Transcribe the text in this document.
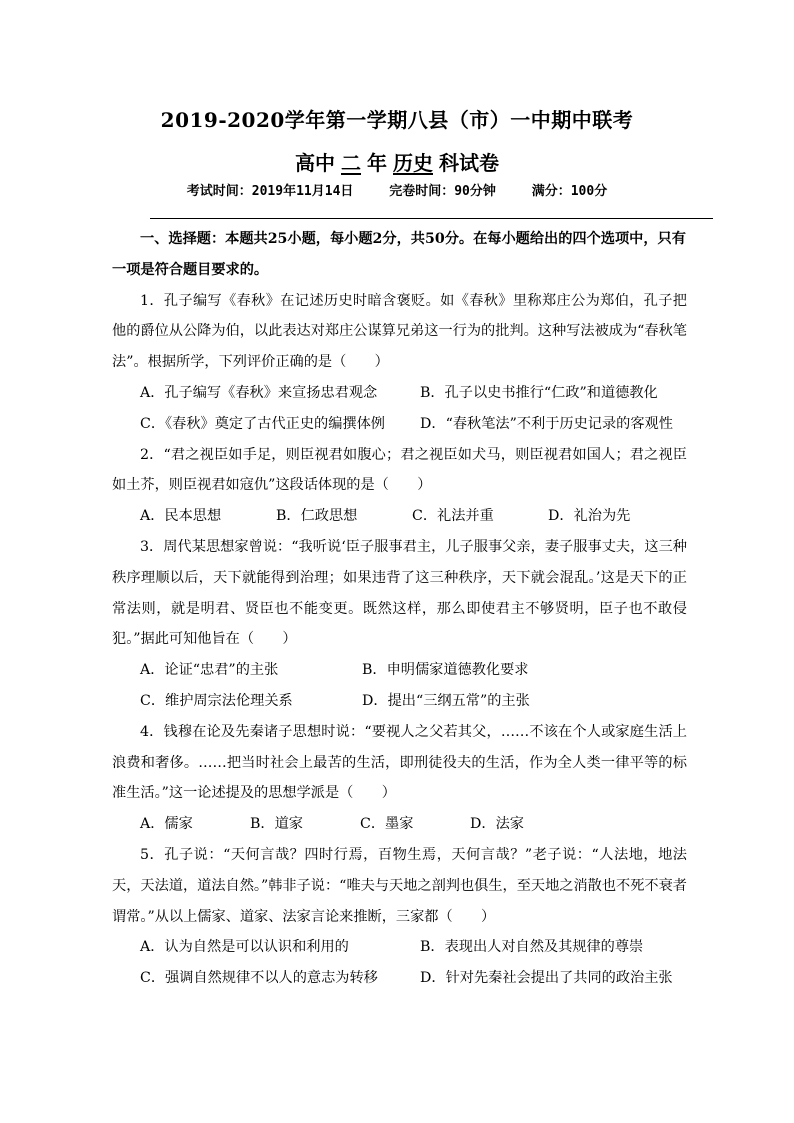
2019-2020学年第一学期八县（市）一中期中联考
高中 二 年 历史 科试卷
考试时间：2019年11月14日	完卷时间：90分钟	满分：100分
一、选择题：本题共25小题，每小题2分，共50分。在每小题给出的四个选项中，只有一项是符合题目要求的。
1．孔子编写《春秋》在记述历史时暗含褒贬。如《春秋》里称郑庄公为郑伯，孔子把他的爵位从公降为伯，以此表达对郑庄公谋算兄弟这一行为的批判。这种写法被成为“春秋笔法”。根据所学，下列评价正确的是（　　）
A．孔子编写《春秋》来宣扬忠君观念	B．孔子以史书推行“仁政”和道德教化
C．《春秋》奠定了古代正史的编撰体例	D．“春秋笔法”不利于历史记录的客观性
2．“君之视臣如手足，则臣视君如腹心；君之视臣如犬马，则臣视君如国人；君之视臣如土芥，则臣视君如寇仇”这段话体现的是（　　）
A．民本思想	B．仁政思想	C．礼法并重	D．礼治为先
3．周代某思想家曾说：“我听说‘臣子服事君主，儿子服事父亲，妻子服事丈夫，这三种秩序理顺以后，天下就能得到治理；如果违背了这三种秩序，天下就会混乱。’这是天下的正常法则，就是明君、贤臣也不能变更。既然这样，那么即使君主不够贤明，臣子也不敢侵犯。”据此可知他旨在（　　）
A．论证“忠君”的主张	B．申明儒家道德教化要求
C．维护周宗法伦理关系	D．提出“三纲五常”的主张
4．钱穆在论及先秦诸子思想时说：“要视人之父若其父，……不该在个人或家庭生活上浪费和奢侈。……把当时社会上最苦的生活，即刑徒役夫的生活，作为全人类一律平等的标准生活。”这一论述提及的思想学派是（　　）
A．儒家	B．道家	C．墨家	D．法家
5．孔子说：“天何言哉？四时行焉，百物生焉，天何言哉？”老子说：“人法地，地法天，天法道，道法自然。”韩非子说：“唯夫与天地之剖判也俱生，至天地之消散也不死不衰者谓常。”从以上儒家、道家、法家言论来推断，三家都（　　）
A．认为自然是可以认识和利用的	B．表现出人对自然及其规律的尊崇
C．强调自然规律不以人的意志为转移	D．针对先秦社会提出了共同的政治主张
